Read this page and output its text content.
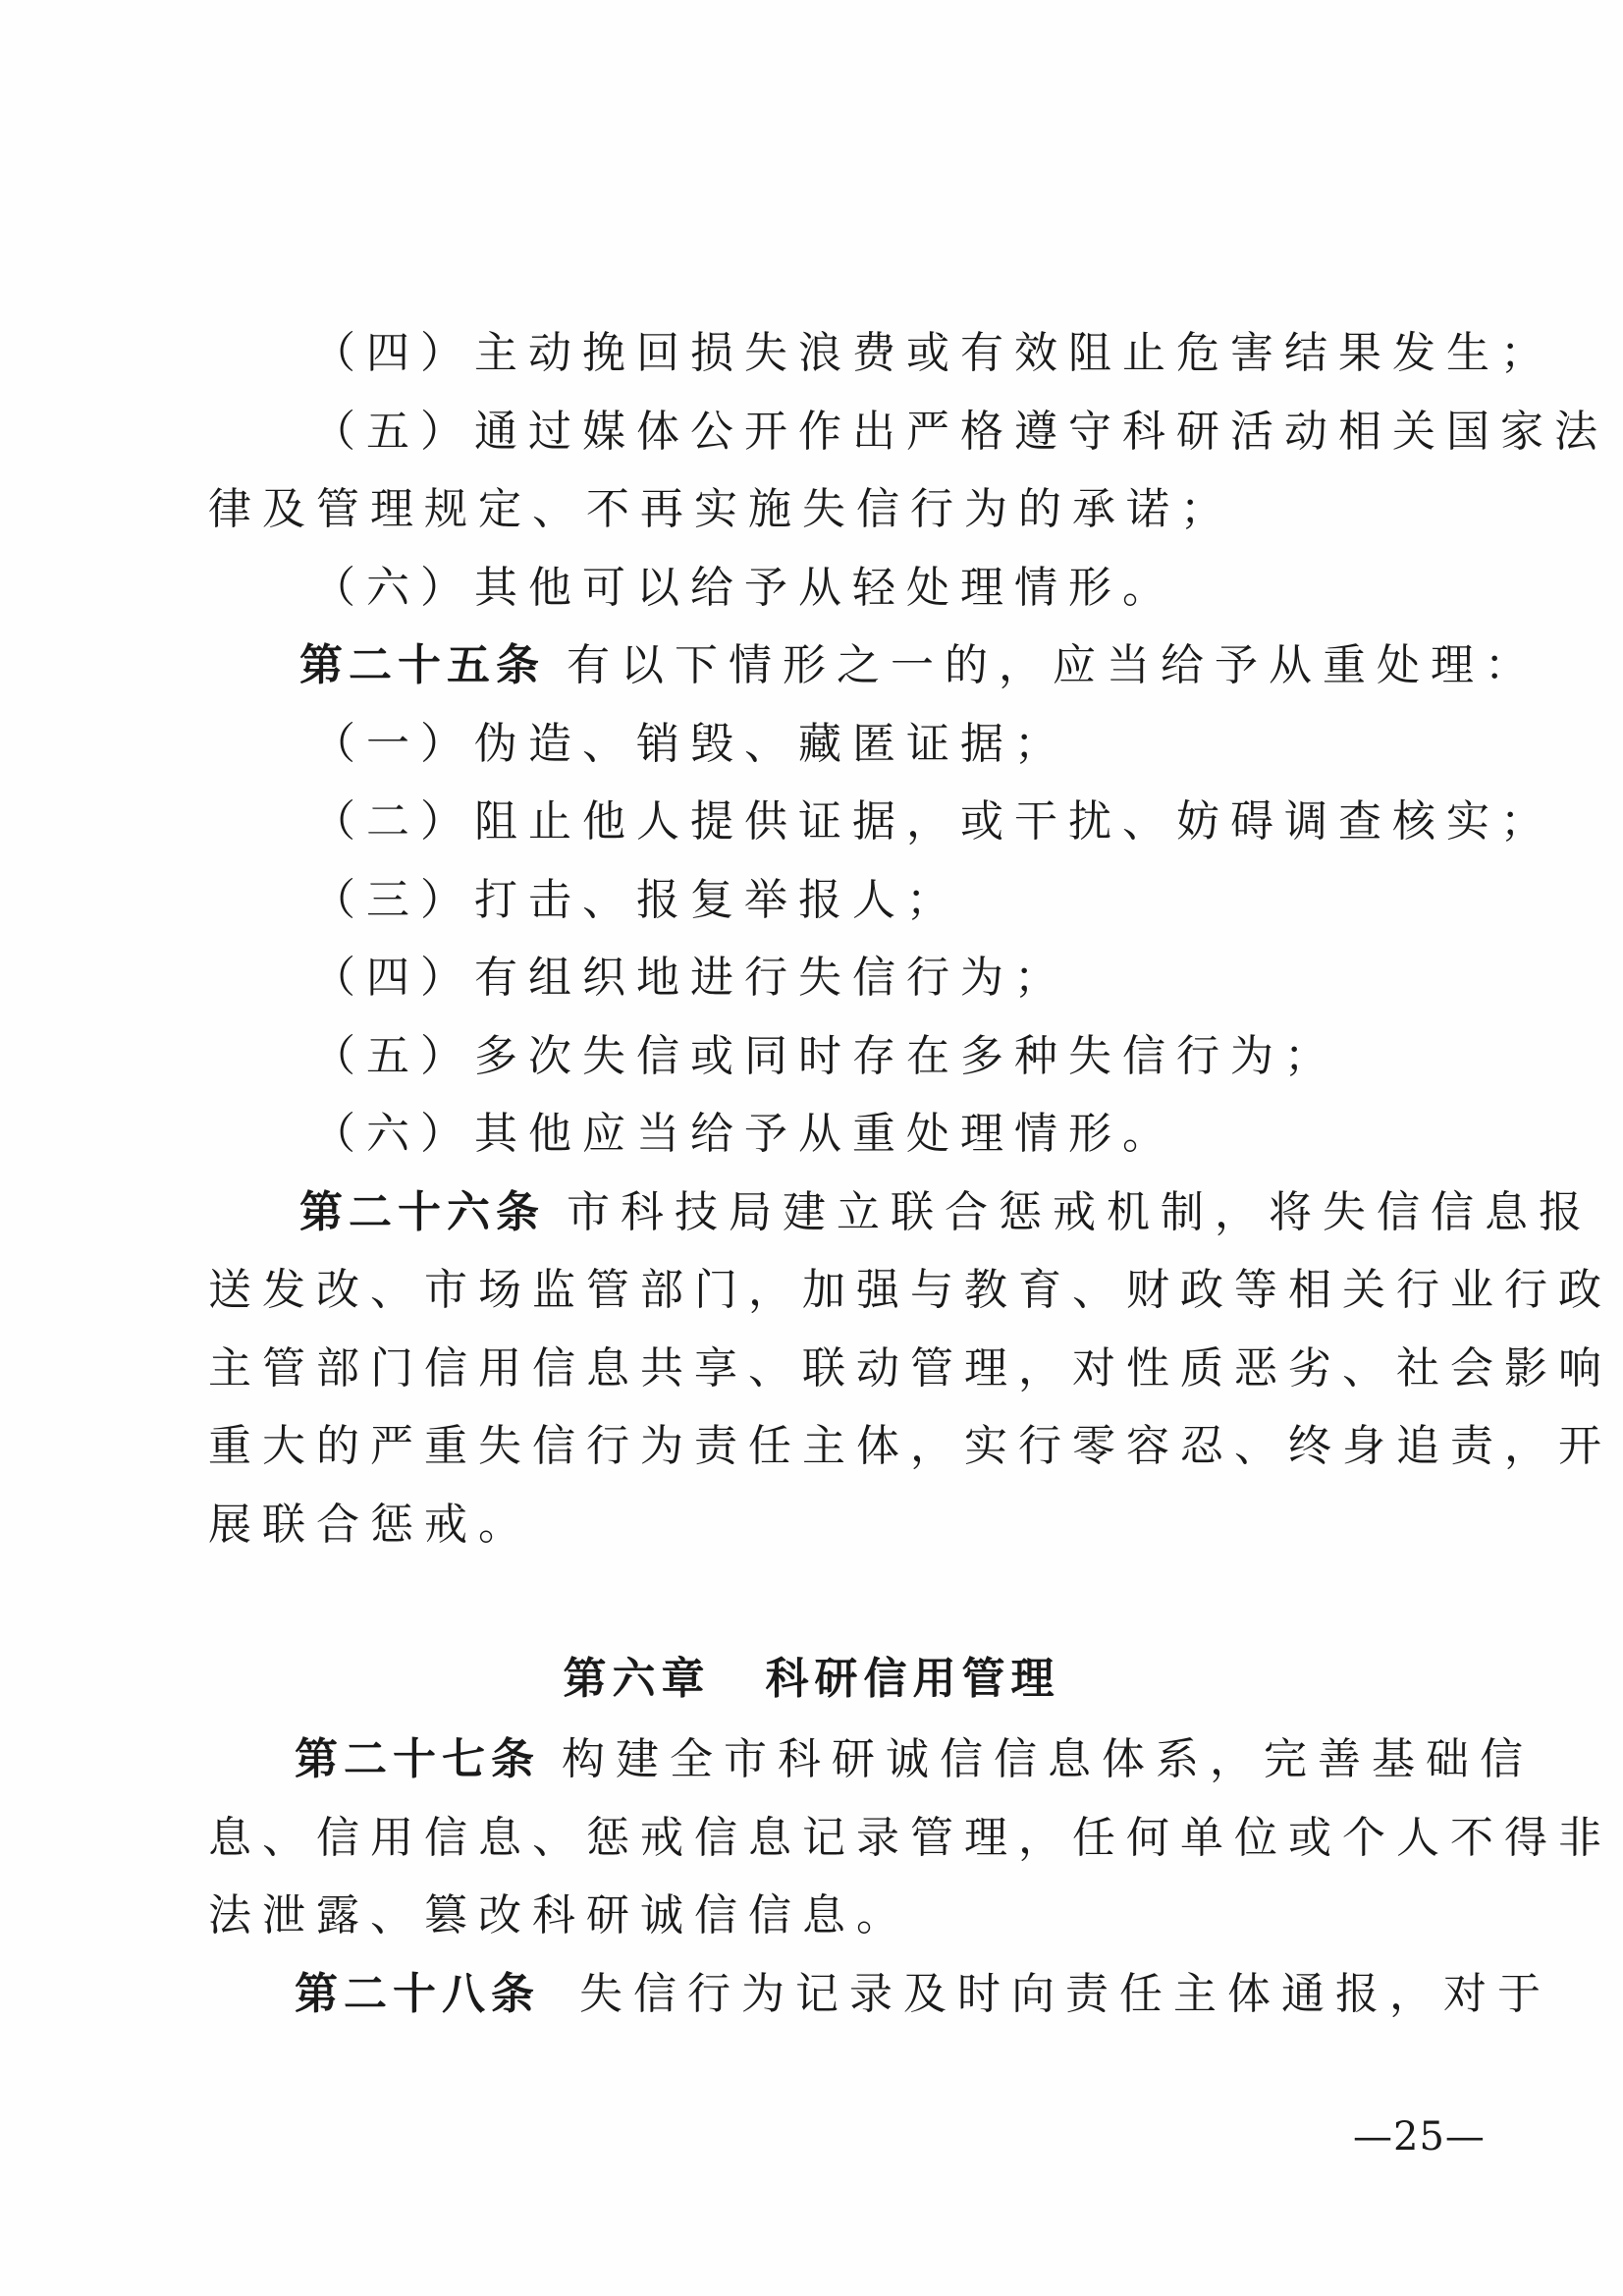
（四）主动挽回损失浪费或有效阻止危害结果发生；
（五）通过媒体公开作出严格遵守科研活动相关国家法
律及管理规定、不再实施失信行为的承诺；
（六）其他可以给予从轻处理情形。
第二十五条 有以下情形之一的，应当给予从重处理：
（一）伪造、销毁、藏匿证据；
（二）阻止他人提供证据，或干扰、妨碍调查核实；
（三）打击、报复举报人；
（四）有组织地进行失信行为；
（五）多次失信或同时存在多种失信行为；
（六）其他应当给予从重处理情形。
第二十六条 市科技局建立联合惩戒机制，将失信信息报
送发改、市场监管部门，加强与教育、财政等相关行业行政
主管部门信用信息共享、联动管理，对性质恶劣、社会影响
重大的严重失信行为责任主体，实行零容忍、终身追责，开
展联合惩戒。
第六章 科研信用管理
第二十七条 构建全市科研诚信信息体系，完善基础信
息、信用信息、惩戒信息记录管理，任何单位或个人不得非
法泄露、篡改科研诚信信息。
第二十八条 失信行为记录及时向责任主体通报，对于
—25—
